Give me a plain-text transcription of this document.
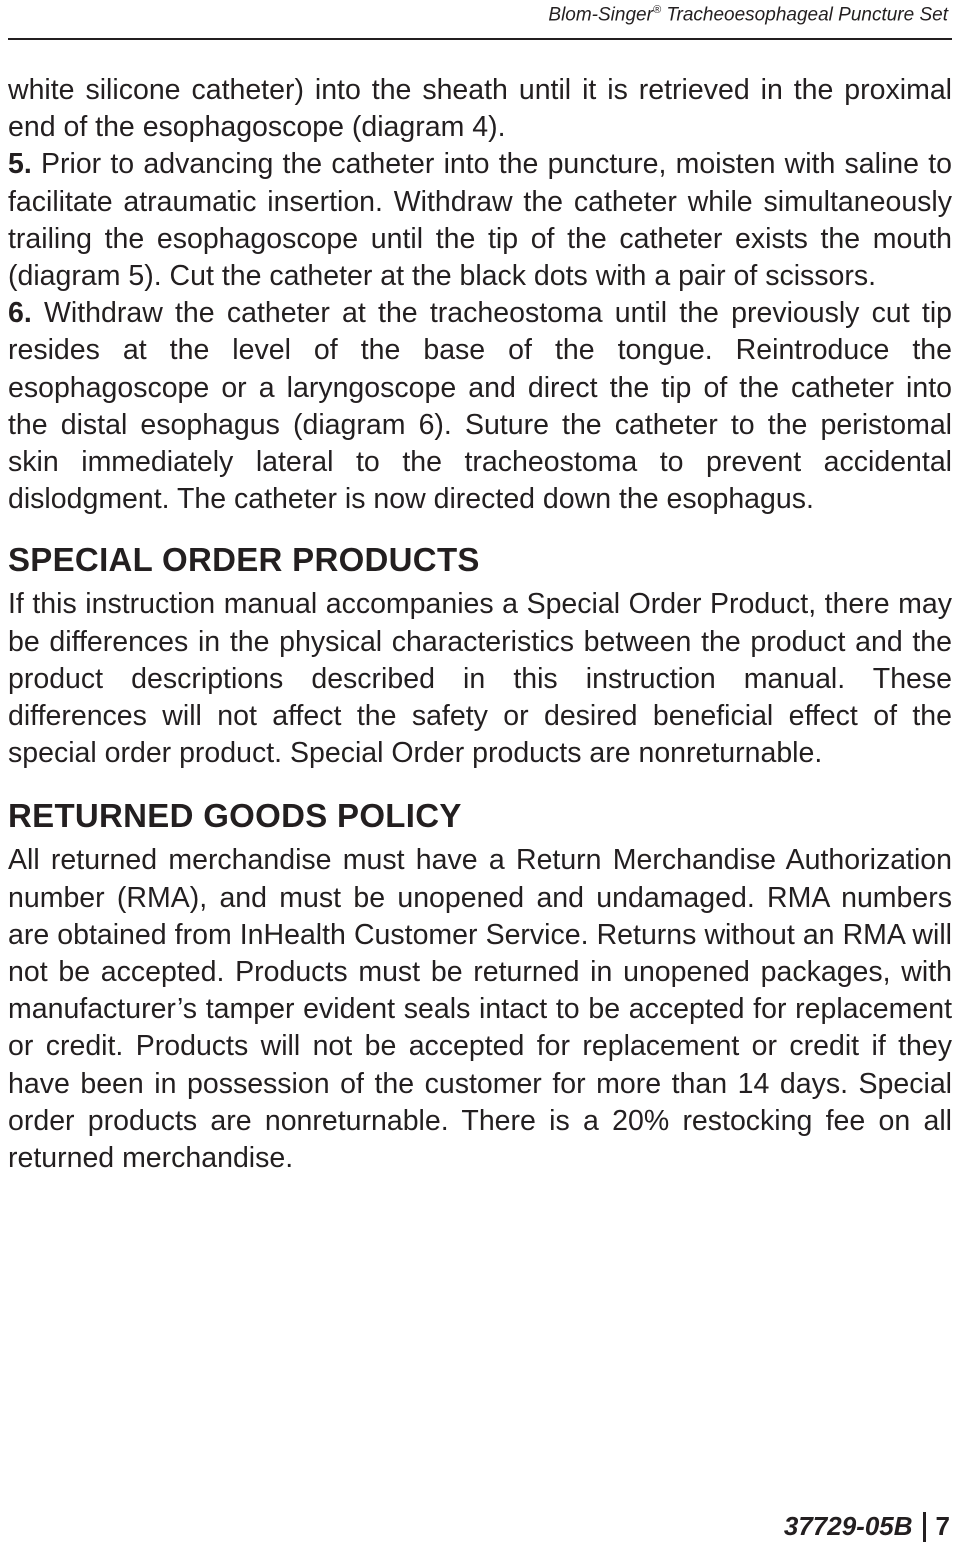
Blom-Singer® Tracheoesophageal Puncture Set

white silicone catheter) into the sheath until it is retrieved in the proximal end of the esophagoscope (diagram 4).

5. Prior to advancing the catheter into the puncture, moisten with saline to facilitate atraumatic insertion. Withdraw the catheter while simultaneously trailing the esophagoscope until the tip of the catheter exists the mouth (diagram 5). Cut the catheter at the black dots with a pair of scissors.

6. Withdraw the catheter at the tracheostoma until the previously cut tip resides at the level of the base of the tongue. Reintroduce the esophagoscope or a laryngoscope and direct the tip of the catheter into the distal esophagus (diagram 6). Suture the catheter to the peristomal skin immediately lateral to the tracheostoma to prevent accidental dislodgment. The catheter is now directed down the esophagus.

SPECIAL ORDER PRODUCTS

If this instruction manual accompanies a Special Order Product, there may be differences in the physical characteristics between the product and the product descriptions described in this instruction manual. These differences will not affect the safety or desired beneficial effect of the special order product. Special Order products are nonreturnable.

RETURNED GOODS POLICY

All returned merchandise must have a Return Merchandise Authorization number (RMA), and must be unopened and undamaged. RMA numbers are obtained from InHealth Customer Service. Returns without an RMA will not be accepted. Products must be returned in unopened packages, with manufacturer’s tamper evident seals intact to be accepted for replacement or credit. Products will not be accepted for replacement or credit if they have been in possession of the customer for more than 14 days. Special order products are nonreturnable. There is a 20% restocking fee on all returned merchandise.

37729-05B 7
